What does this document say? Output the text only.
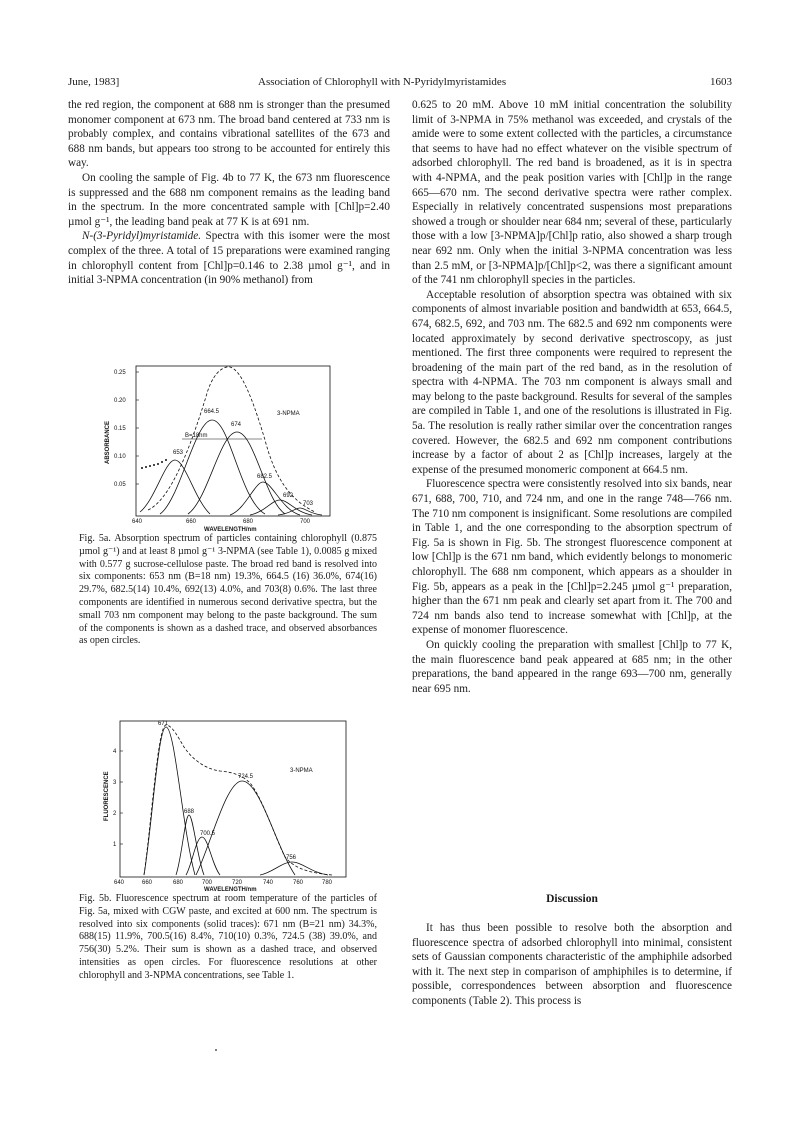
June, 1983]	Association of Chlorophyll with N-Pyridylmyristamides	1603

the red region, the component at 688 nm is stronger than the presumed monomer component at 673 nm. The broad band centered at 733 nm is probably complex, and contains vibrational satellites of the 673 and 688 nm bands, but appears too strong to be accounted for entirely this way.

On cooling the sample of Fig. 4b to 77 K, the 673 nm fluorescence is suppressed and the 688 nm component remains as the leading band in the spectrum. In the more concentrated sample with [Chl]p=2.40 µmol g⁻¹, the leading band peak at 77 K is at 691 nm.

N-(3-Pyridyl)myristamide. Spectra with this isomer were the most complex of the three. A total of 15 preparations were examined ranging in chlorophyll content from [Chl]p=0.146 to 2.38 µmol g⁻¹, and in initial 3-NPMA concentration (in 90% methanol) from

0.25
0.20
0.15
0.10
0.05
ABSORBANCE
640	660	680	700
WAVELENGTH/nm
3-NPMA
B=18nm
664.5
674
653
682.5
692
703
Fig. 5a. Absorption spectrum of particles containing chlorophyll (0.875 µmol g⁻¹) and at least 8 µmol g⁻¹ 3-NPMA (see Table 1), 0.0085 g mixed with 0.577 g sucrose-cellulose paste. The broad red band is resolved into six components: 653 nm (B=18 nm) 19.3%, 664.5 (16) 36.0%, 674(16) 29.7%, 682.5(14) 10.4%, 692(13) 4.0%, and 703(8) 0.6%. The last three components are identified in numerous second derivative spectra, but the small 703 nm component may belong to the paste background. The sum of the components is shown as a dashed trace, and observed absorbances as open circles.
4
3
2
1
FLUORESCENCE
640	660	680	700	720	740	760	780
WAVELENGTH/nm
3-NPMA
671
688
700.5
724.5
756
Fig. 5b. Fluorescence spectrum at room temperature of the particles of Fig. 5a, mixed with CGW paste, and excited at 600 nm. The spectrum is resolved into six components (solid traces): 671 nm (B=21 nm) 34.3%, 688(15) 11.9%, 700.5(16) 8.4%, 710(10) 0.3%, 724.5 (38) 39.0%, and 756(30) 5.2%. Their sum is shown as a dashed trace, and observed intensities as open circles. For fluorescence resolutions at other chlorophyll and 3-NPMA concentrations, see Table 1.

0.625 to 20 mM. Above 10 mM initial concentration the solubility limit of 3-NPMA in 75% methanol was exceeded, and crystals of the amide were to some extent collected with the particles, a circumstance that seems to have had no effect whatever on the visible spectrum of adsorbed chlorophyll. The red band is broadened, as it is in spectra with 4-NPMA, and the peak position varies with [Chl]p in the range 665—670 nm. The second derivative spectra were rather complex. Especially in relatively concentrated suspensions most preparations showed a trough or shoulder near 684 nm; several of these, particularly those with a low [3-NPMA]p/[Chl]p ratio, also showed a sharp trough near 692 nm. Only when the initial 3-NPMA concentration was less than 2.5 mM, or [3-NPMA]p/[Chl]p<2, was there a significant amount of the 741 nm chlorophyll species in the particles.

Acceptable resolution of absorption spectra was obtained with six components of almost invariable position and bandwidth at 653, 664.5, 674, 682.5, 692, and 703 nm. The 682.5 and 692 nm components were located approximately by second derivative spectroscopy, as just mentioned. The first three components were required to represent the broadening of the main part of the red band, as in the resolution of spectra with 4-NPMA. The 703 nm component is always small and may belong to the paste background. Results for several of the samples are compiled in Table 1, and one of the resolutions is illustrated in Fig. 5a. The resolution is really rather similar over the concentration ranges covered. However, the 682.5 and 692 nm component contributions increase by a factor of about 2 as [Chl]p increases, largely at the expense of the presumed monomeric component at 664.5 nm.

Fluorescence spectra were consistently resolved into six bands, near 671, 688, 700, 710, and 724 nm, and one in the range 748—766 nm. The 710 nm component is insignificant. Some resolutions are compiled in Table 1, and the one corresponding to the absorption spectrum of Fig. 5a is shown in Fig. 5b. The strongest fluorescence component at low [Chl]p is the 671 nm band, which evidently belongs to monomeric chlorophyll. The 688 nm component, which appears as a shoulder in Fig. 5b, appears as a peak in the [Chl]p=2.245 µmol g⁻¹ preparation, higher than the 671 nm peak and clearly set apart from it. The 700 and 724 nm bands also tend to increase somewhat with [Chl]p, at the expense of monomer fluorescence.

On quickly cooling the preparation with smallest [Chl]p to 77 K, the main fluorescence band peak appeared at 685 nm; in the other preparations, the band appeared in the range 693—700 nm, generally near 695 nm.

Discussion

It has thus been possible to resolve both the absorption and fluorescence spectra of adsorbed chlorophyll into minimal, consistent sets of Gaussian components characteristic of the amphiphile adsorbed with it. The next step in comparison of amphiphiles is to determine, if possible, correspondences between absorption and fluorescence components (Table 2). This process is
